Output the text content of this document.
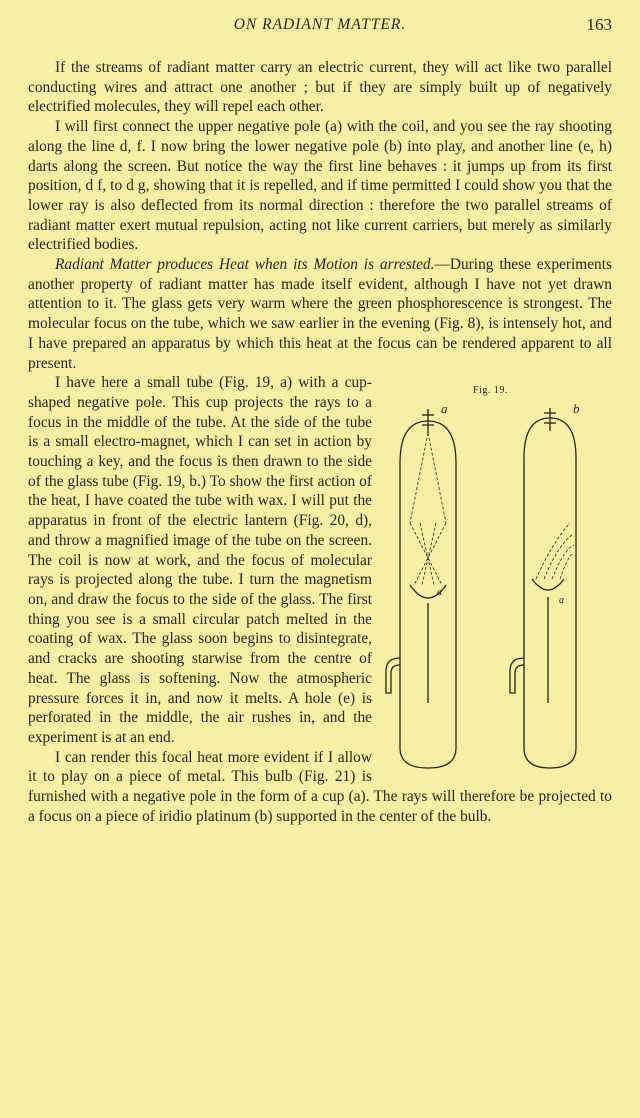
ON RADIANT MATTER.	163

If the streams of radiant matter carry an electric current, they will act like two parallel conducting wires and attract one another ; but if they are simply built up of negatively electrified molecules, they will repel each other.

I will first connect the upper negative pole (a) with the coil, and you see the ray shooting along the line d, f. I now bring the lower negative pole (b) into play, and another line (e, h) darts along the screen. But notice the way the first line behaves : it jumps up from its first position, d f, to d g, showing that it is repelled, and if time permitted I could show you that the lower ray is also deflected from its normal direction : therefore the two parallel streams of radiant matter exert mutual repulsion, acting not like current carriers, but merely as similarly electrified bodies.

Radiant Matter produces Heat when its Motion is arrested.—During these experiments another property of radiant matter has made itself evident, although I have not yet drawn attention to it. The glass gets very warm where the green phosphorescence is strongest. The molecular focus on the tube, which we saw earlier in the evening (Fig. 8), is intensely hot, and I have prepared an apparatus by which this heat at the focus can be rendered apparent to all present.

Fig. 19.
a	b
a
a
I have here a small tube (Fig. 19, a) with a cup-shaped negative pole. This cup projects the rays to a focus in the middle of the tube. At the side of the tube is a small electro-magnet, which I can set in action by touching a key, and the focus is then drawn to the side of the glass tube (Fig. 19, b.) To show the first action of the heat, I have coated the tube with wax. I will put the apparatus in front of the electric lantern (Fig. 20, d), and throw a magnified image of the tube on the screen. The coil is now at work, and the focus of molecular rays is projected along the tube. I turn the magnetism on, and draw the focus to the side of the glass. The first thing you see is a small circular patch melted in the coating of wax. The glass soon begins to disintegrate, and cracks are shooting starwise from the centre of heat. The glass is softening. Now the atmospheric pressure forces it in, and now it melts. A hole (e) is perforated in the middle, the air rushes in, and the experiment is at an end.

I can render this focal heat more evident if I allow it to play on a piece of metal. This bulb (Fig. 21) is furnished with a negative pole in the form of a cup (a). The rays will therefore be projected to a focus on a piece of iridio platinum (b) supported in the center of the bulb.
